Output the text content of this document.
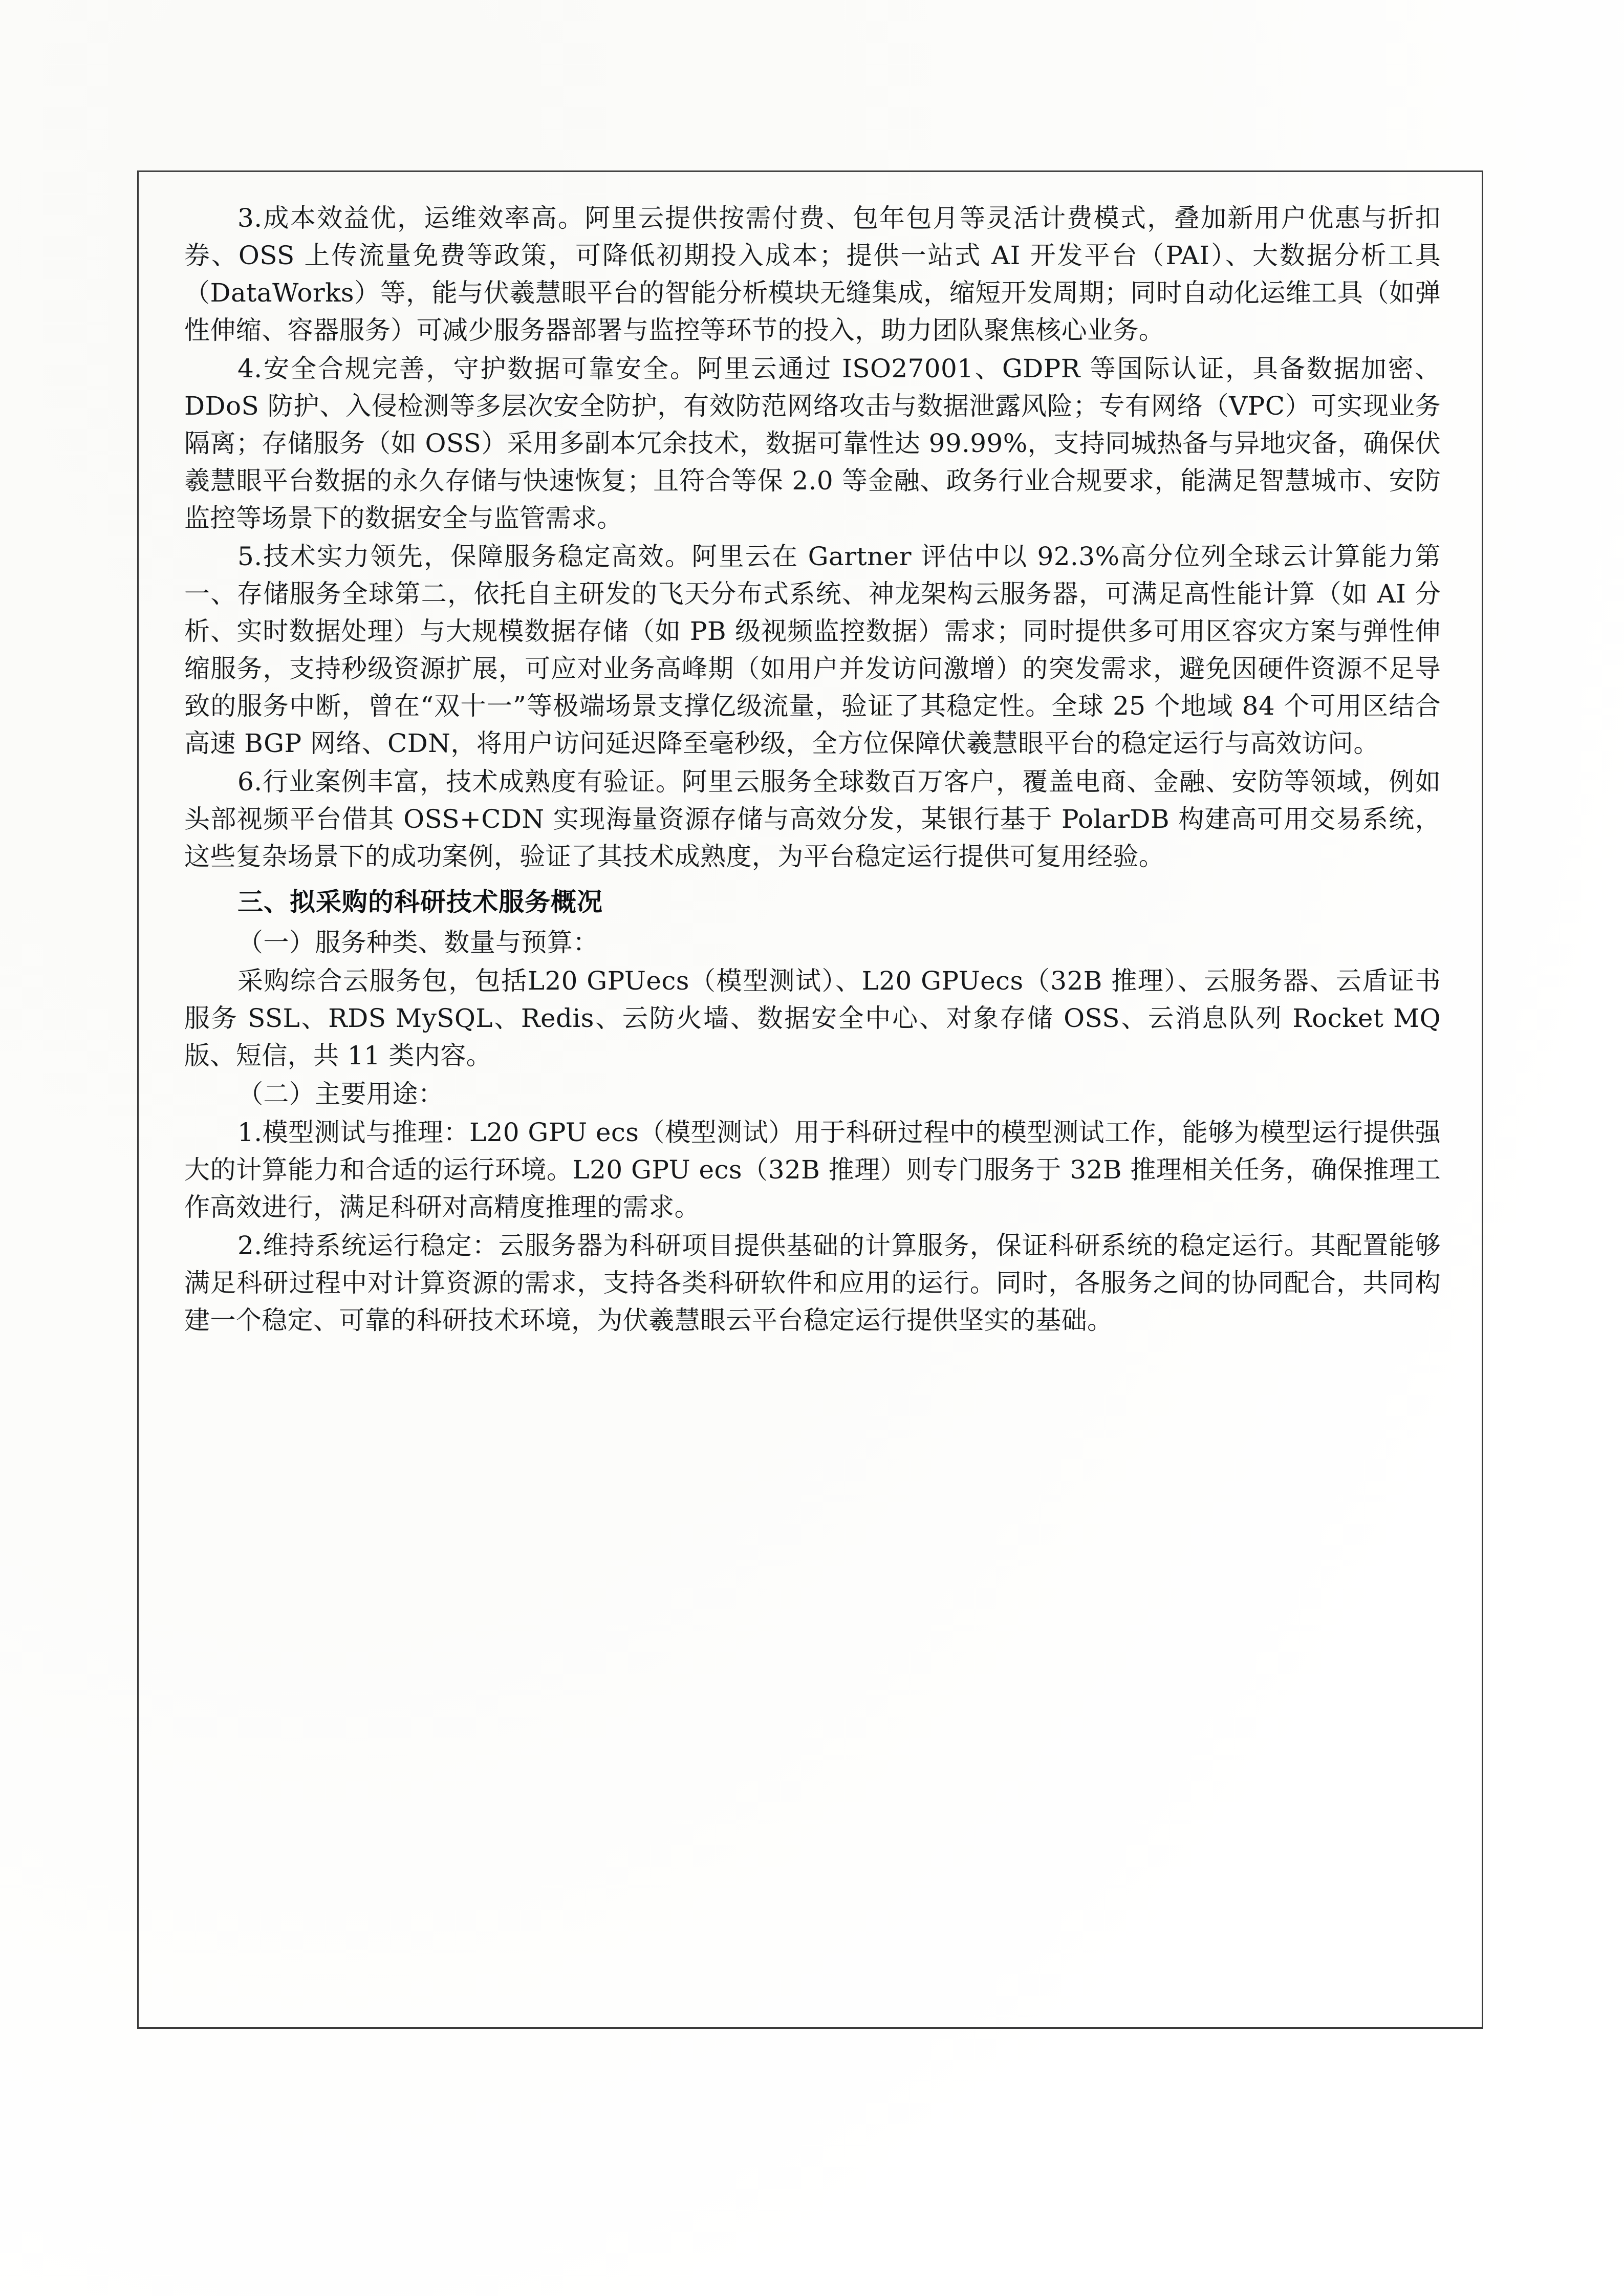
3.成本效益优，运维效率高。阿里云提供按需付费、包年包月等灵活计费模式，叠加新用户优惠与折扣券、OSS 上传流量免费等政策，可降低初期投入成本；提供一站式 AI 开发平台（PAI）、大数据分析工具（DataWorks）等，能与伏羲慧眼平台的智能分析模块无缝集成，缩短开发周期；同时自动化运维工具（如弹性伸缩、容器服务）可减少服务器部署与监控等环节的投入，助力团队聚焦核心业务。

4.安全合规完善，守护数据可靠安全。阿里云通过 ISO27001、GDPR 等国际认证，具备数据加密、DDoS 防护、入侵检测等多层次安全防护，有效防范网络攻击与数据泄露风险；专有网络（VPC）可实现业务隔离；存储服务（如 OSS）采用多副本冗余技术，数据可靠性达 99.99%，支持同城热备与异地灾备，确保伏羲慧眼平台数据的永久存储与快速恢复；且符合等保 2.0 等金融、政务行业合规要求，能满足智慧城市、安防监控等场景下的数据安全与监管需求。

5.技术实力领先，保障服务稳定高效。阿里云在 Gartner 评估中以 92.3%高分位列全球云计算能力第一、存储服务全球第二，依托自主研发的飞天分布式系统、神龙架构云服务器，可满足高性能计算（如 AI 分析、实时数据处理）与大规模数据存储（如 PB 级视频监控数据）需求；同时提供多可用区容灾方案与弹性伸缩服务，支持秒级资源扩展，可应对业务高峰期（如用户并发访问激增）的突发需求，避免因硬件资源不足导致的服务中断，曾在“双十一”等极端场景支撑亿级流量，验证了其稳定性。全球 25 个地域 84 个可用区结合高速 BGP 网络、CDN，将用户访问延迟降至毫秒级，全方位保障伏羲慧眼平台的稳定运行与高效访问。

6.行业案例丰富，技术成熟度有验证。阿里云服务全球数百万客户，覆盖电商、金融、安防等领域，例如头部视频平台借其 OSS+CDN 实现海量资源存储与高效分发，某银行基于 PolarDB 构建高可用交易系统，这些复杂场景下的成功案例，验证了其技术成熟度，为平台稳定运行提供可复用经验。

三、拟采购的科研技术服务概况

（一）服务种类、数量与预算：

采购综合云服务包，包括L20 GPUecs（模型测试）、L20 GPUecs（32B 推理）、云服务器、云盾证书服务 SSL、RDS MySQL、Redis、云防火墙、数据安全中心、对象存储 OSS、云消息队列 Rocket MQ 版、短信，共 11 类内容。

（二）主要用途：

1.模型测试与推理：L20 GPU ecs（模型测试）用于科研过程中的模型测试工作，能够为模型运行提供强大的计算能力和合适的运行环境。L20 GPU ecs（32B 推理）则专门服务于 32B 推理相关任务，确保推理工作高效进行，满足科研对高精度推理的需求。

2.维持系统运行稳定：云服务器为科研项目提供基础的计算服务，保证科研系统的稳定运行。其配置能够满足科研过程中对计算资源的需求，支持各类科研软件和应用的运行。同时，各服务之间的协同配合，共同构建一个稳定、可靠的科研技术环境，为伏羲慧眼云平台稳定运行提供坚实的基础。
